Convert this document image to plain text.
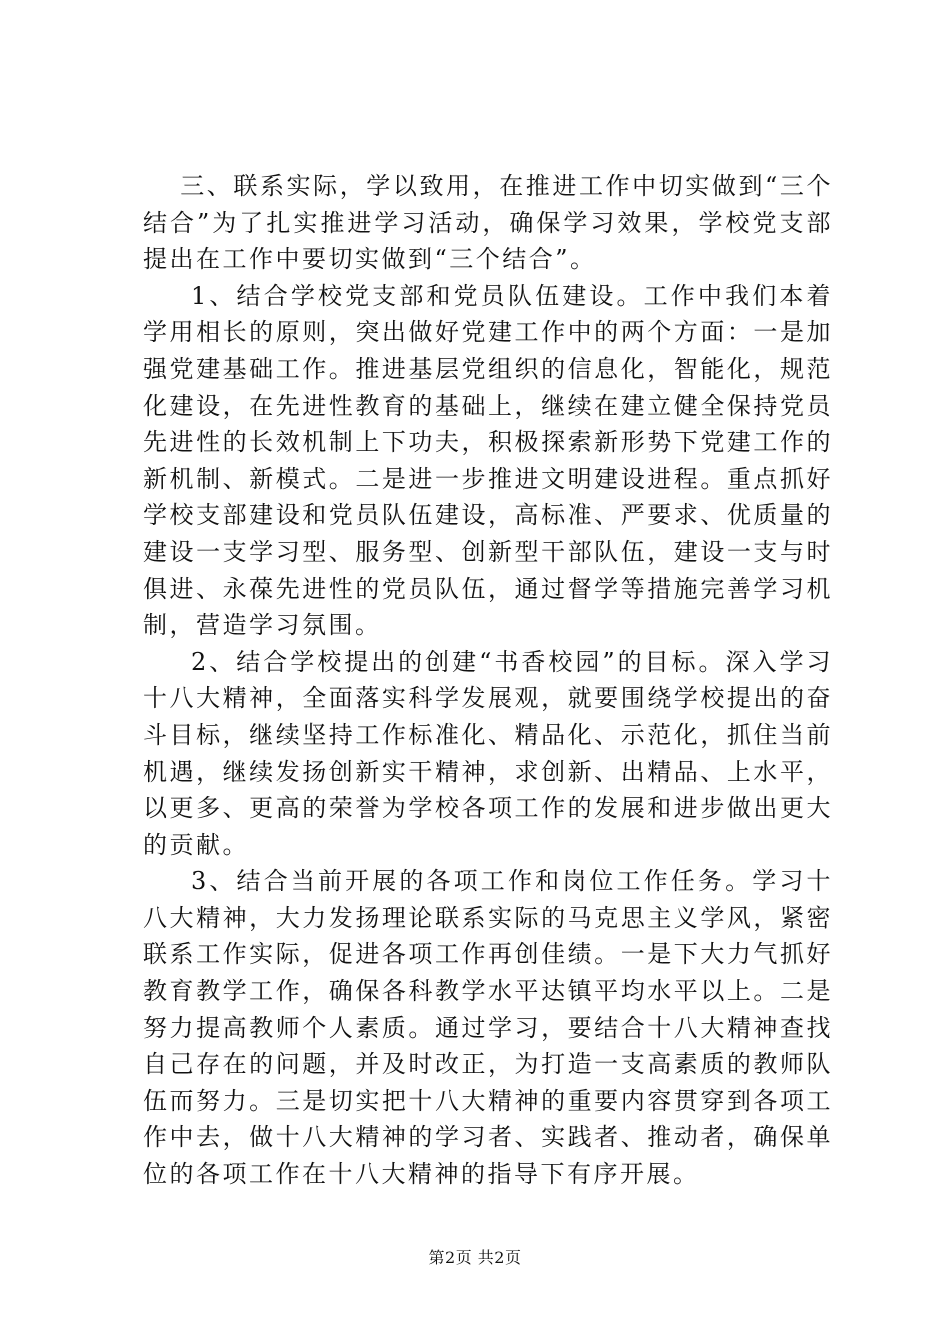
三、联系实际，学以致用，在推进工作中切实做到“三个结合”为了扎实推进学习活动，确保学习效果，学校党支部提出在工作中要切实做到“三个结合”。

1、结合学校党支部和党员队伍建设。工作中我们本着学用相长的原则，突出做好党建工作中的两个方面：一是加强党建基础工作。推进基层党组织的信息化，智能化，规范化建设，在先进性教育的基础上，继续在建立健全保持党员先进性的长效机制上下功夫，积极探索新形势下党建工作的新机制、新模式。二是进一步推进文明建设进程。重点抓好学校支部建设和党员队伍建设，高标准、严要求、优质量的建设一支学习型、服务型、创新型干部队伍，建设一支与时俱进、永葆先进性的党员队伍，通过督学等措施完善学习机制，营造学习氛围。

2、结合学校提出的创建“书香校园”的目标。深入学习十八大精神，全面落实科学发展观，就要围绕学校提出的奋斗目标，继续坚持工作标准化、精品化、示范化，抓住当前机遇，继续发扬创新实干精神，求创新、出精品、上水平，以更多、更高的荣誉为学校各项工作的发展和进步做出更大的贡献。

3、结合当前开展的各项工作和岗位工作任务。学习十八大精神，大力发扬理论联系实际的马克思主义学风，紧密联系工作实际，促进各项工作再创佳绩。一是下大力气抓好教育教学工作，确保各科教学水平达镇平均水平以上。二是努力提高教师个人素质。通过学习，要结合十八大精神查找自己存在的问题，并及时改正，为打造一支高素质的教师队伍而努力。三是切实把十八大精神的重要内容贯穿到各项工作中去，做十八大精神的学习者、实践者、推动者，确保单位的各项工作在十八大精神的指导下有序开展。

第2页 共2页
